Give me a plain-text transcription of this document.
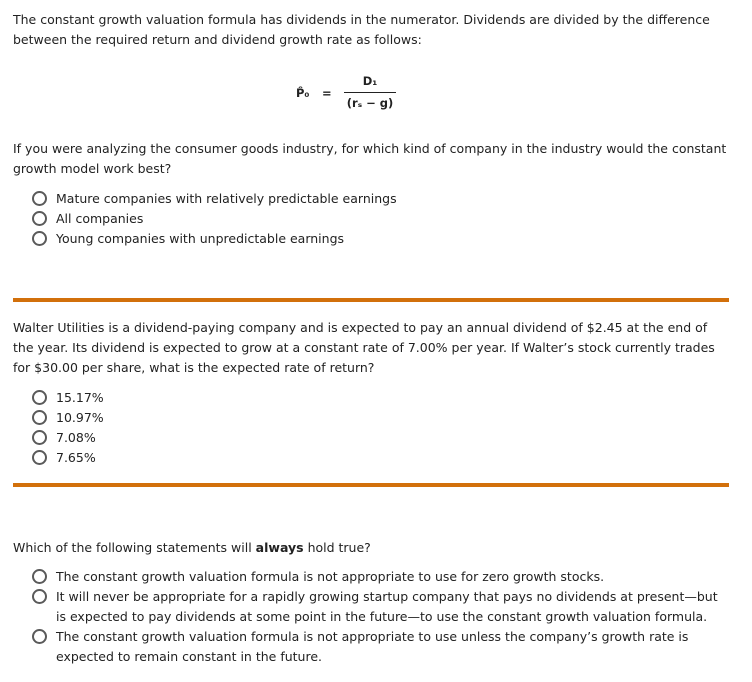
The constant growth valuation formula has dividends in the numerator. Dividends are divided by the difference between the required return and dividend growth rate as follows:

P̂₀ =
D₁
(rₛ − g)

If you were analyzing the consumer goods industry, for which kind of company in the industry would the constant growth model work best?

Mature companies with relatively predictable earnings
All companies
Young companies with unpredictable earnings

Walter Utilities is a dividend-paying company and is expected to pay an annual dividend of $2.45 at the end of the year. Its dividend is expected to grow at a constant rate of 7.00% per year. If Walter’s stock currently trades for $30.00 per share, what is the expected rate of return?

15.17%
10.97%
7.08%
7.65%

Which of the following statements will always hold true?

The constant growth valuation formula is not appropriate to use for zero growth stocks.
It will never be appropriate for a rapidly growing startup company that pays no dividends at present—but is expected to pay dividends at some point in the future—to use the constant growth valuation formula.
The constant growth valuation formula is not appropriate to use unless the company’s growth rate is expected to remain constant in the future.
